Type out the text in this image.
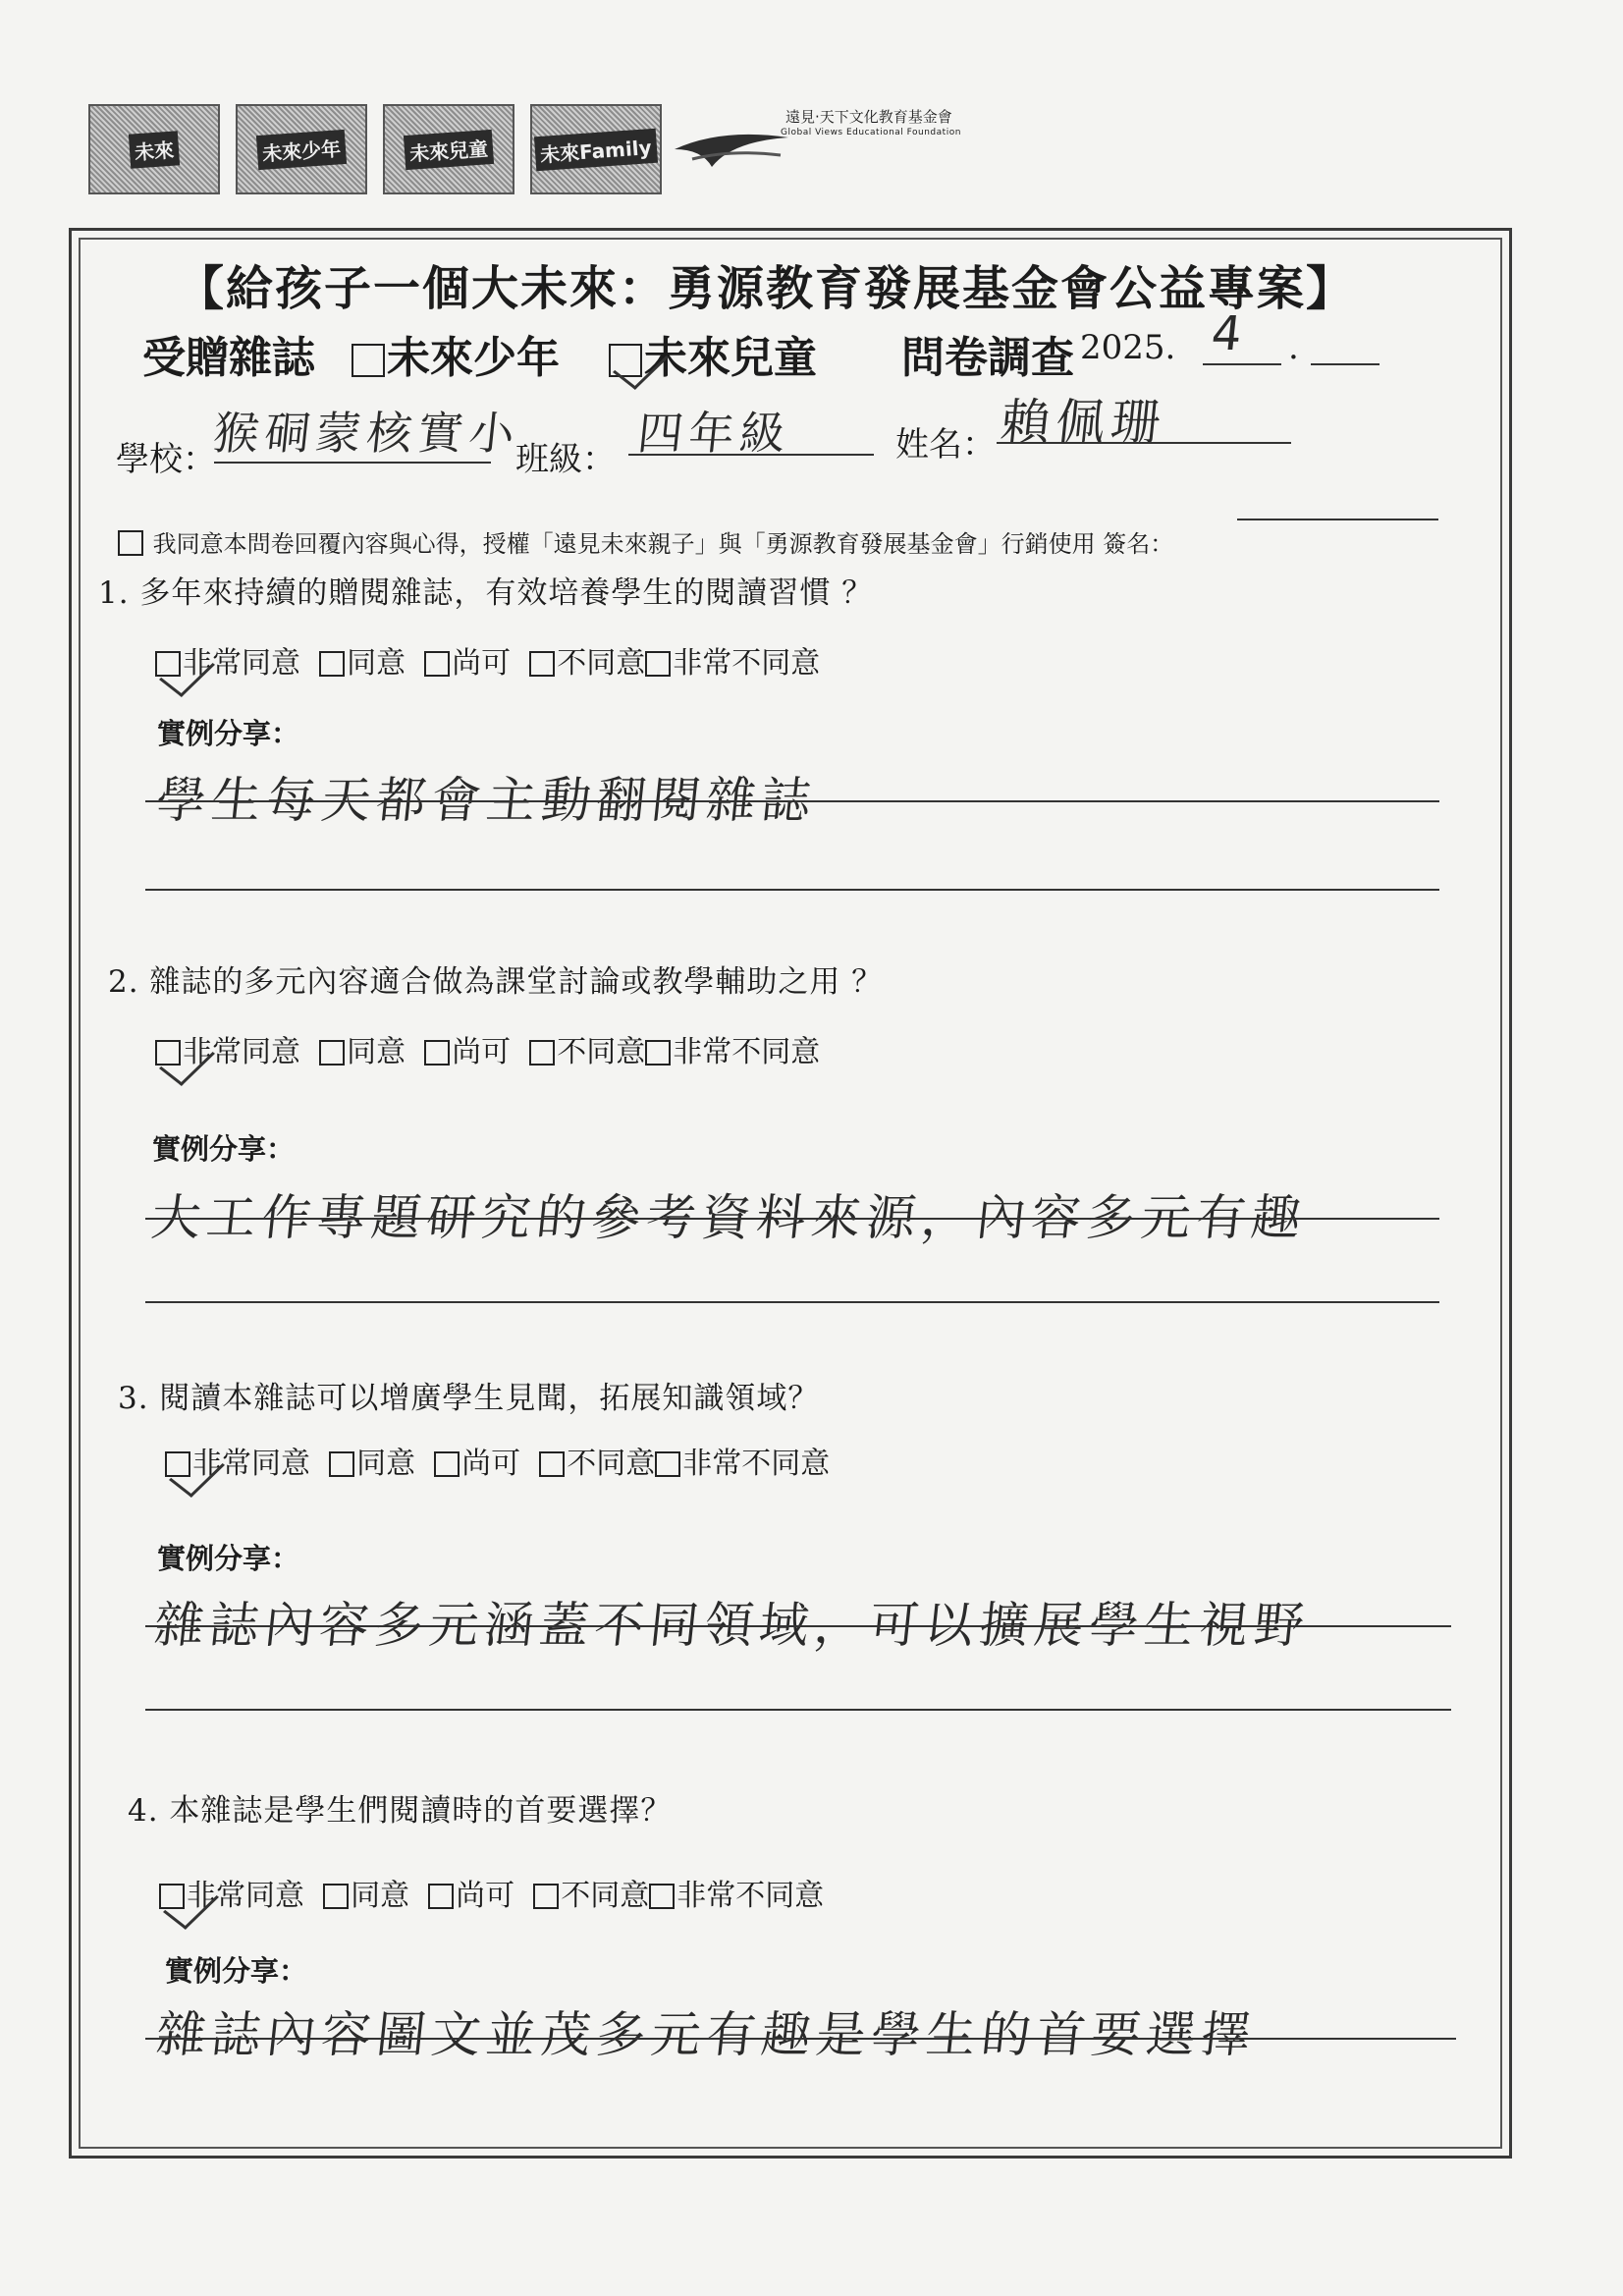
未來	未來少年	未來兒童	未來Family
遠見·天下文化教育基金會
Global Views Educational Foundation
【給孩子一個大未來：勇源教育發展基金會公益專案】
受贈雜誌	未來少年	未來兒童 問卷調查 2025. 4 .
學校：
猴硐蒙核實小
班級： 四年級	姓名： 賴佩珊
我同意本問卷回覆內容與心得，授權「遠見未來親子」與「勇源教育發展基金會」行銷使用 簽名：
1. 多年來持續的贈閱雜誌，有效培養學生的閱讀習慣 ？
非常同意 同意 尚可 不同意 非常不同意
實例分享：
學生每天都會主動翻閱雜誌
2. 雜誌的多元內容適合做為課堂討論或教學輔助之用 ？
非常同意 同意 尚可 不同意 非常不同意
實例分享：
大工作專題研究的參考資料來源，內容多元有趣
3. 閱讀本雜誌可以增廣學生見聞，拓展知識領域？
非常同意 同意 尚可 不同意 非常不同意
實例分享：
雜誌內容多元涵蓋不同領域，可以擴展學生視野
4. 本雜誌是學生們閱讀時的首要選擇？
非常同意 同意 尚可 不同意 非常不同意
實例分享：
雜誌內容圖文並茂多元有趣是學生的首要選擇
